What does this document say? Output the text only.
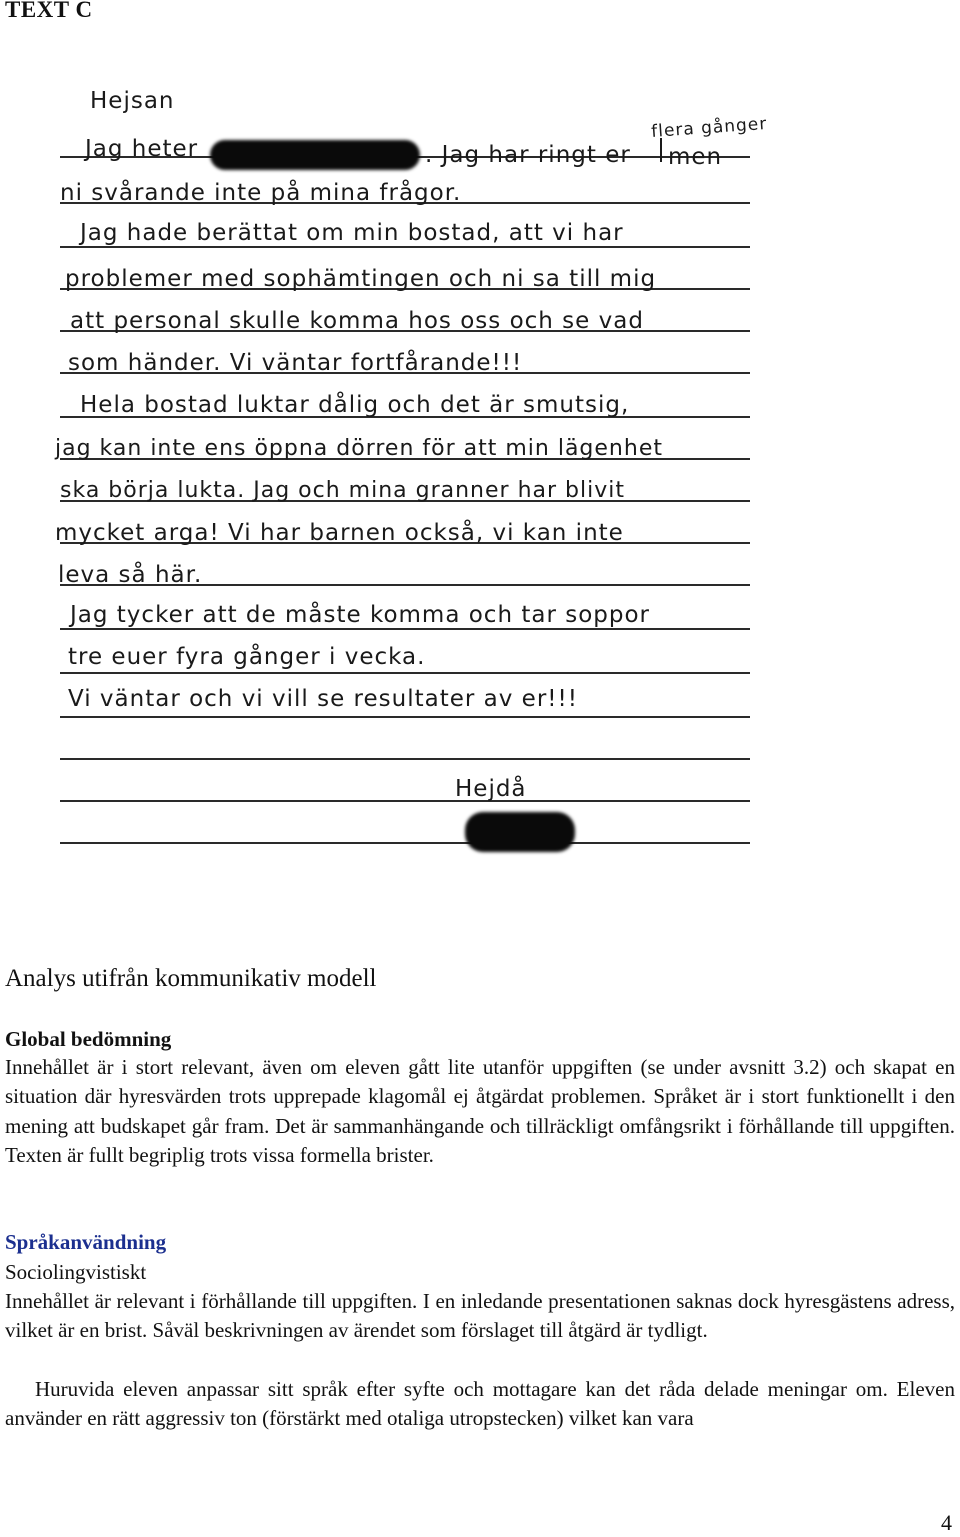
TEXT C
Hejsan
Jag heter	. Jag har ringt er men
flera gånger
ni svårande inte på mina frågor.
Jag hade berättat om min bostad, att vi har
problemer med sophämtingen och ni sa till mig
att personal skulle komma hos oss och se vad
som händer. Vi väntar fortfårande!!!
Hela bostad luktar dålig och det är smutsig,
jag kan inte ens öppna dörren för att min lägenhet
ska börja lukta. Jag och mina granner har blivit
mycket arga! Vi har barnen också, vi kan inte
leva så här.
Jag tycker att de måste komma och tar soppor
tre euer fyra gånger i vecka.
Vi väntar och vi vill se resultater av er!!!
Hejdå
Analys utifrån kommunikativ modell
Global bedömning
Innehållet är i stort relevant, även om eleven gått lite utanför uppgiften (se under avsnitt 3.2) och skapat en situation där hyresvärden trots upprepade klagomål ej åtgärdat problemen. Språket är i stort funktionellt i den mening att budskapet går fram. Det är sammanhängande och tillräckligt omfångsrikt i förhållande till uppgiften. Texten är fullt begriplig trots vissa formella brister.
Språkanvändning
Sociolingvistiskt
Innehållet är relevant i förhållande till uppgiften. I en inledande presentationen saknas dock hyresgästens adress, vilket är en brist. Såväl beskrivningen av ärendet som förslaget till åtgärd är tydligt.
Huruvida eleven anpassar sitt språk efter syfte och mottagare kan det råda delade meningar om. Eleven använder en rätt aggressiv ton (förstärkt med otaliga utropstecken) vilket kan vara
4
